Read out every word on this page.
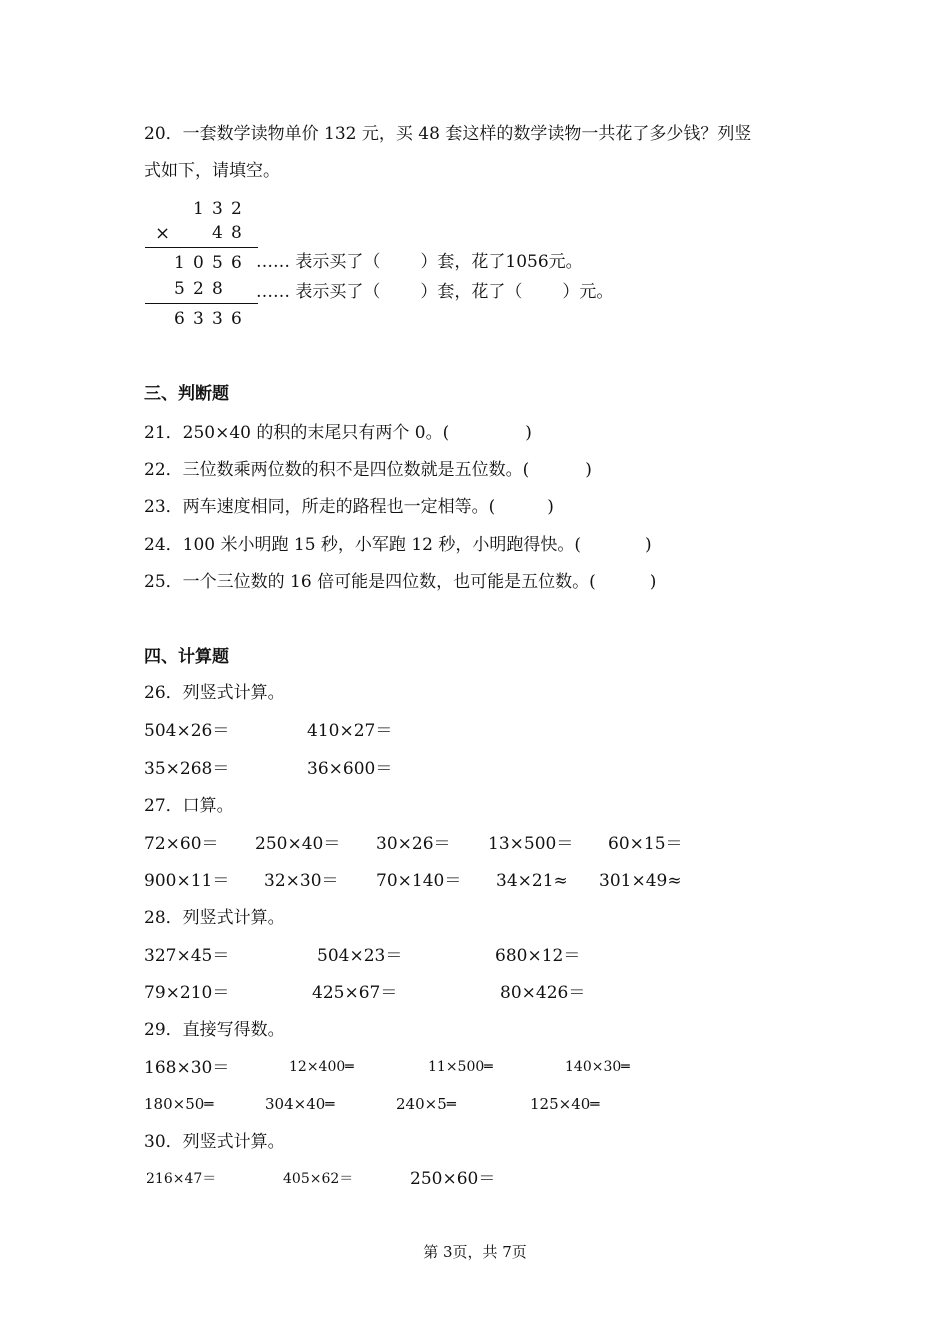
20．一套数学读物单价 132 元，买 48 套这样的数学读物一共花了多少钱？列竖
式如下，请填空。
1 3 2
× 4 8
1 0 5 6
5 2 8
6 3 3 6
…… 表示买了（ ）套，花了1056元。
…… 表示买了（ ）套，花了（ ）元。
三、判断题
21．250×40 的积的末尾只有两个 0。(	)
22．三位数乘两位数的积不是四位数就是五位数。(	)
23．两车速度相同，所走的路程也一定相等。(	)
24．100 米小明跑 15 秒，小军跑 12 秒，小明跑得快。(	)
25．一个三位数的 16 倍可能是四位数，也可能是五位数。(	)
四、计算题
26．列竖式计算。
504×26＝	410×27＝
35×268＝	36×600＝
27．口算。
72×60＝ 250×40＝ 30×26＝ 13×500＝ 60×15＝
900×11＝ 32×30＝ 70×140＝ 34×21≈ 301×49≈
28．列竖式计算。
327×45＝	504×23＝	680×12＝
79×210＝	425×67＝	80×426＝
29．直接写得数。
168×30＝	12×400═	11×500═	140×30═
180×50═	304×40═	240×5═	125×40═
30．列竖式计算。
216×47＝	405×62＝	250×60＝
第 3页，共 7页
